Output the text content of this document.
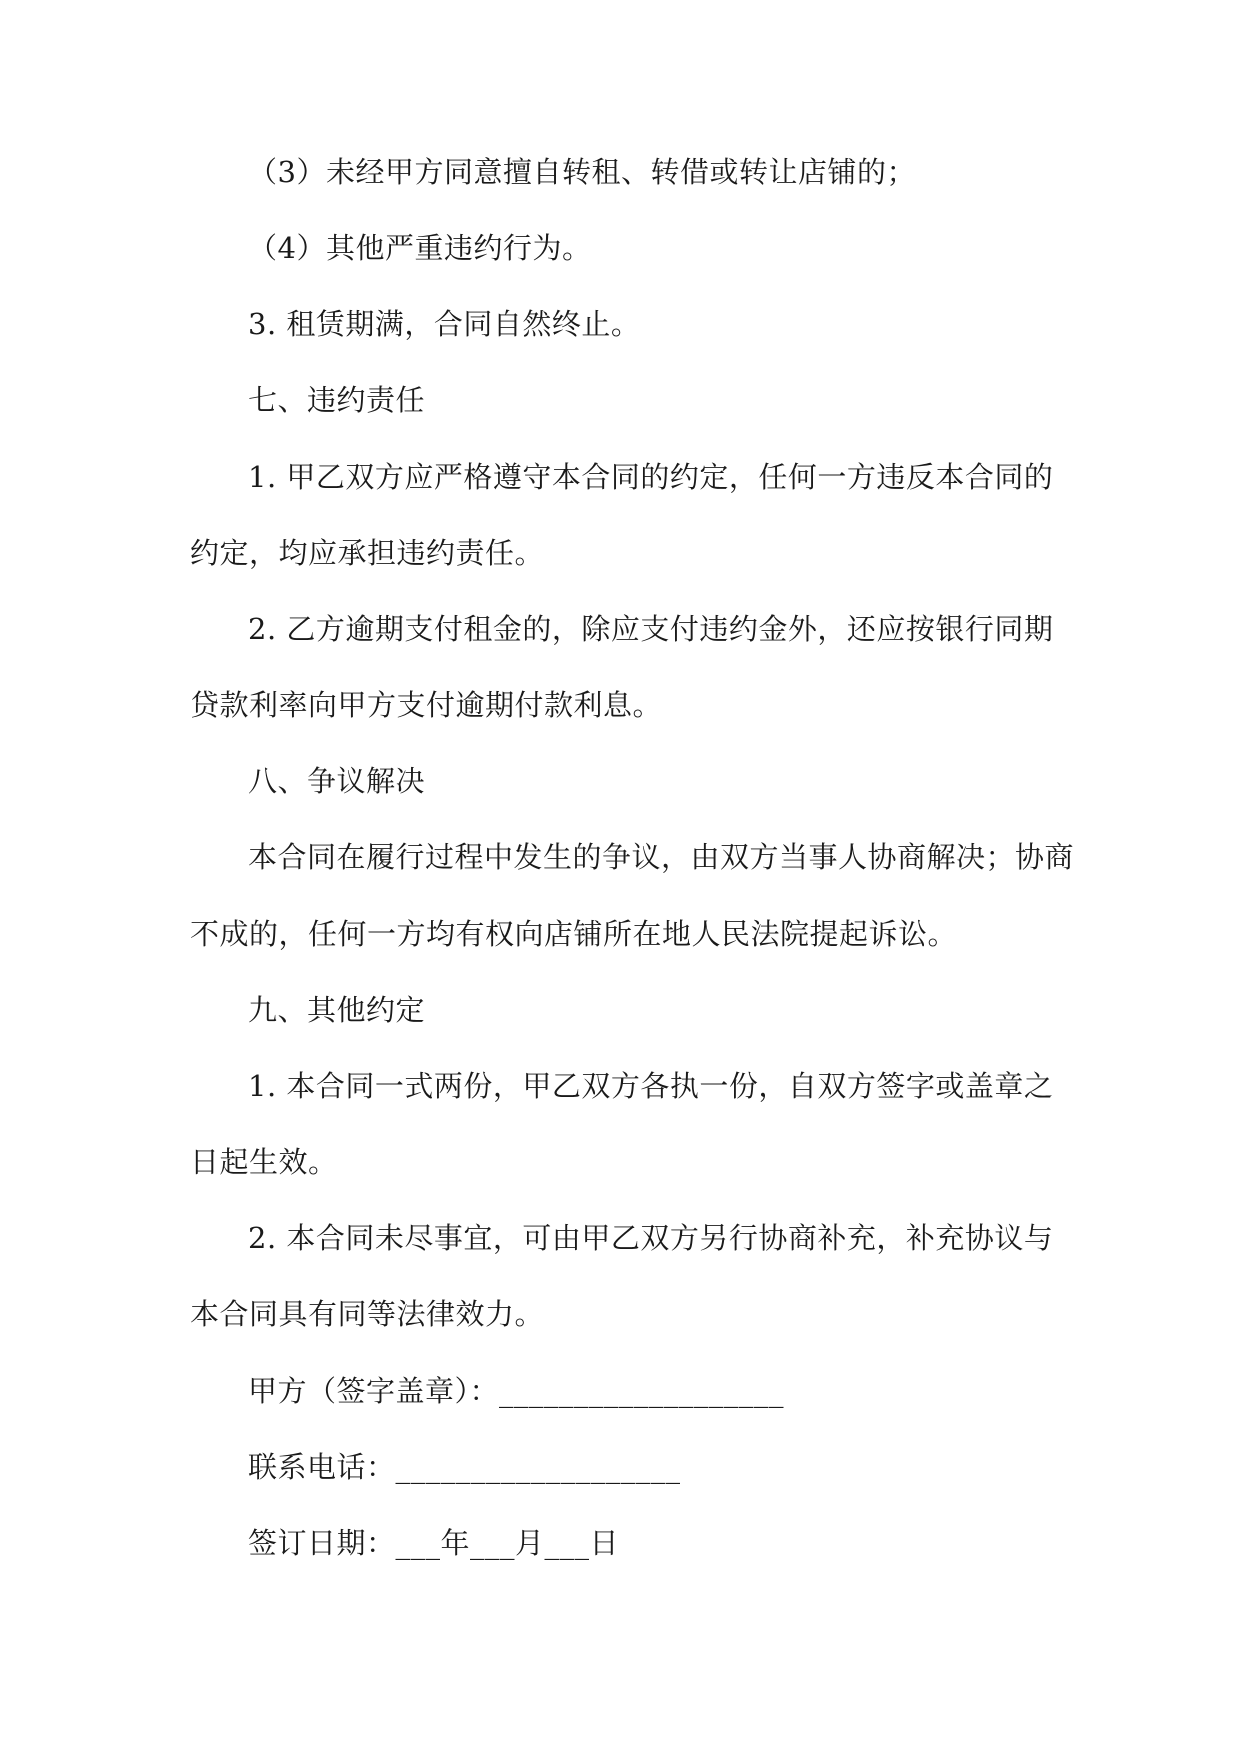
（3）未经甲方同意擅自转租、转借或转让店铺的；
（4）其他严重违约行为。
3. 租赁期满，合同自然终止。
七、违约责任
1. 甲乙双方应严格遵守本合同的约定，任何一方违反本合同的
约定，均应承担违约责任。
2. 乙方逾期支付租金的，除应支付违约金外，还应按银行同期
贷款利率向甲方支付逾期付款利息。
八、争议解决
本合同在履行过程中发生的争议，由双方当事人协商解决；协商
不成的，任何一方均有权向店铺所在地人民法院提起诉讼。
九、其他约定
1. 本合同一式两份，甲乙双方各执一份，自双方签字或盖章之
日起生效。
2. 本合同未尽事宜，可由甲乙双方另行协商补充，补充协议与
本合同具有同等法律效力。
甲方（签字盖章）：___________________
联系电话：___________________
签订日期：___年___月___日
